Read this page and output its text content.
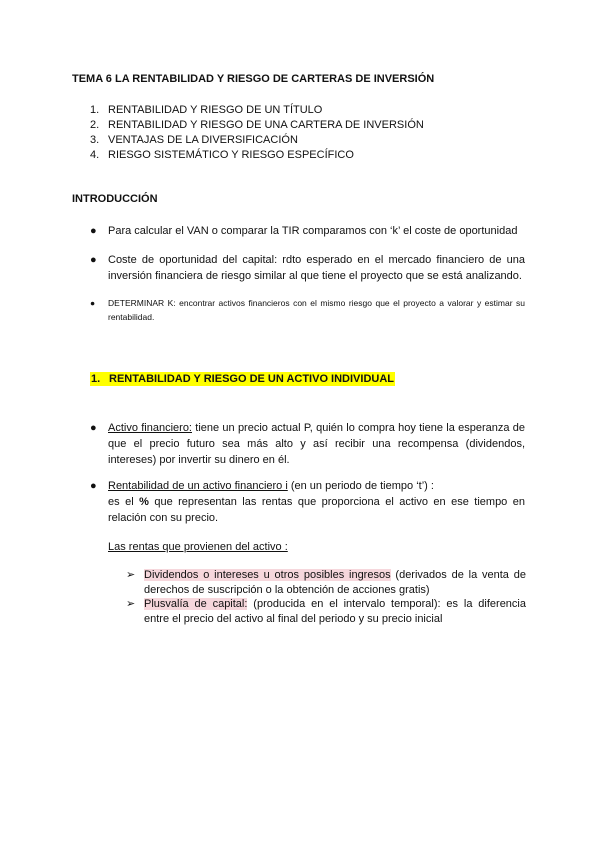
TEMA 6 LA RENTABILIDAD Y RIESGO DE CARTERAS DE INVERSIÓN
1. RENTABILIDAD Y RIESGO DE UN TÍTULO
2. RENTABILIDAD Y RIESGO DE UNA CARTERA DE INVERSIÓN
3. VENTAJAS DE LA DIVERSIFICACIÓN
4. RIESGO SISTEMÁTICO Y RIESGO ESPECÍFICO
INTRODUCCIÓN
●	Para calcular el VAN o comparar la TIR comparamos con ‘k’ el coste de oportunidad
●	Coste de oportunidad del capital: rdto esperado en el mercado financiero de una inversión financiera de riesgo similar al que tiene el proyecto que se está analizando.
●	DETERMINAR K: encontrar activos financieros con el mismo riesgo que el proyecto a valorar y estimar su rentabilidad.
1. RENTABILIDAD Y RIESGO DE UN ACTIVO INDIVIDUAL
●	Activo financiero: tiene un precio actual P, quién lo compra hoy tiene la esperanza de que el precio futuro sea más alto y así recibir una recompensa (dividendos, intereses) por invertir su dinero en él.
●	Rentabilidad de un activo financiero i (en un periodo de tiempo ‘t’) :
es el % que representan las rentas que proporciona el activo en ese tiempo en relación con su precio.
Las rentas que provienen del activo :
➢ Dividendos o intereses u otros posibles ingresos (derivados de la venta de derechos de suscripción o la obtención de acciones gratis)
➢ Plusvalía de capital: (producida en el intervalo temporal): es la diferencia entre el precio del activo al final del periodo y su precio inicial
